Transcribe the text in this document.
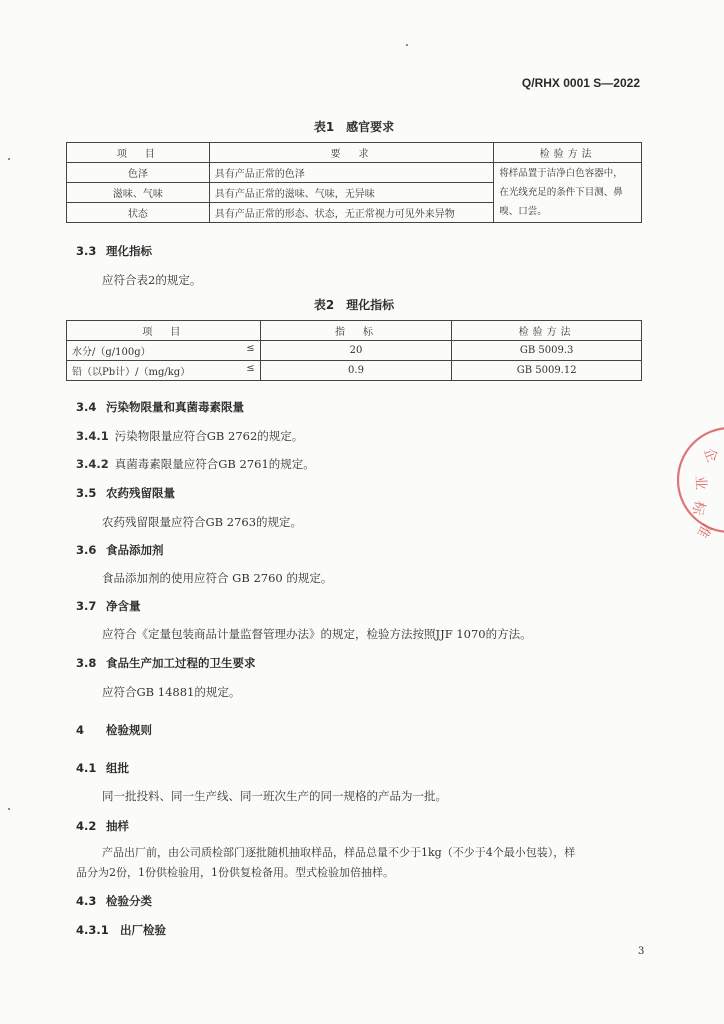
Q/RHX 0001 S—2022
表1　感官要求
项　目	要　求	检验方法
色泽	具有产品正常的色泽	将样品置于洁净白色容器中，
在光线充足的条件下目测、鼻
嗅、口尝。

滋味、气味	具有产品正常的滋味、气味，无异味	
状态	具有产品正常的形态、状态，无正常视力可见外来异物	
3.3 理化指标
应符合表2的规定。
表2　理化指标
项　目	指　标	检验方法
水分/（g/100g） ≤	20	GB 5009.3
铅（以Pb计）/（mg/kg） ≤	0.9	GB 5009.12
3.4 污染物限量和真菌毒素限量
3.4.1 污染物限量应符合GB 2762的规定。
3.4.2 真菌毒素限量应符合GB 2761的规定。
3.5 农药残留限量
农药残留限量应符合GB 2763的规定。
3.6 食品添加剂
食品添加剂的使用应符合 GB 2760 的规定。
3.7 净含量
应符合《定量包装商品计量监督管理办法》的规定，检验方法按照JJF 1070的方法。
3.8 食品生产加工过程的卫生要求
应符合GB 14881的规定。
4 检验规则
4.1 组批
同一批投料、同一生产线、同一班次生产的同一规格的产品为一批。
4.2 抽样
产品出厂前，由公司质检部门逐批随机抽取样品，样品总量不少于1kg（不少于4个最小包装），样
品分为2份，1份供检验用，1份供复检备用。型式检验加倍抽样。
4.3 检验分类
4.3.1 出厂检验
3
企
业
标
准
